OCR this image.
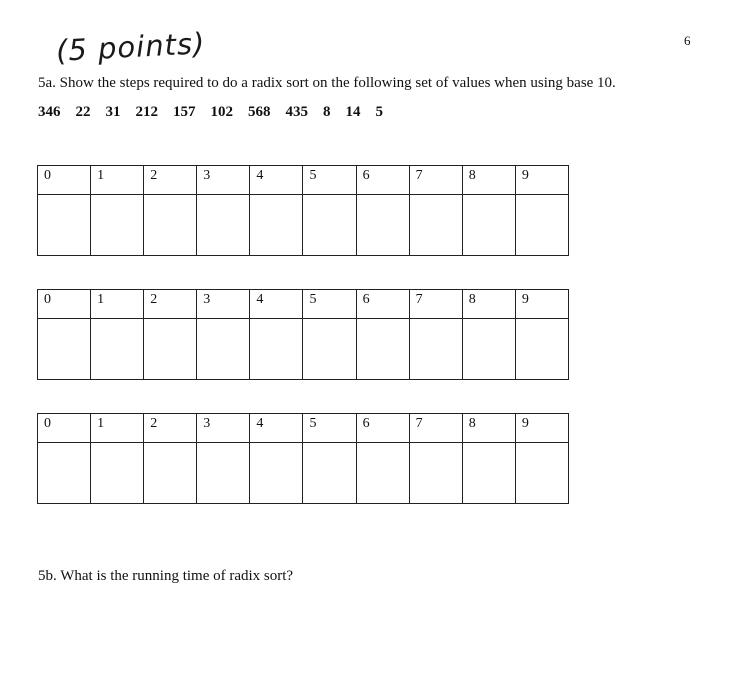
6
(5 points)
5a. Show the steps required to do a radix sort on the following set of values when using base 10.
346 22 31 212 157 102 568 435 8 14 5
0	1	2	3	4	5	6	7	8	9

0	1	2	3	4	5	6	7	8	9

0	1	2	3	4	5	6	7	8	9

5b. What is the running time of radix sort?
